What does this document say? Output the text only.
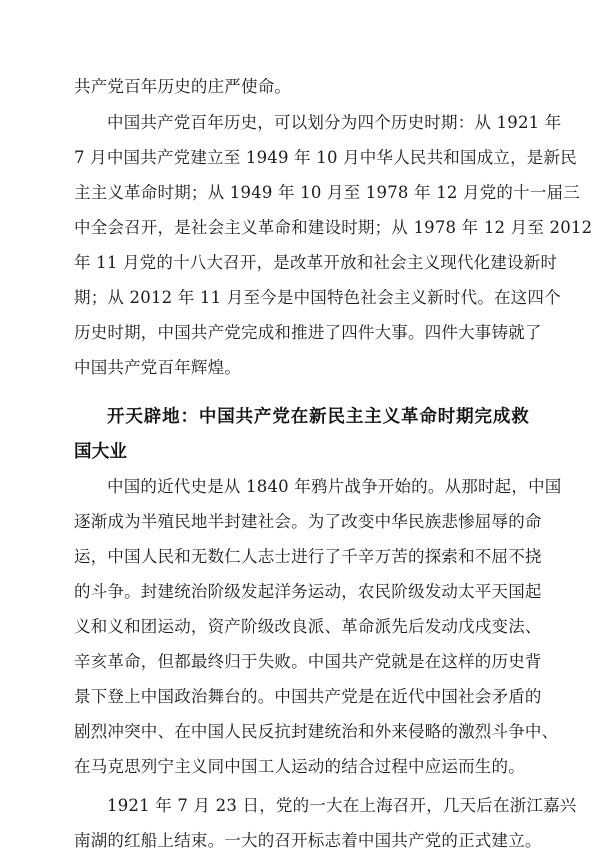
共产党百年历史的庄严使命。
中国共产党百年历史，可以划分为四个历史时期：从 1921 年
7 月中国共产党建立至 1949 年 10 月中华人民共和国成立，是新民
主主义革命时期；从 1949 年 10 月至 1978 年 12 月党的十一届三
中全会召开，是社会主义革命和建设时期；从 1978 年 12 月至 2012
年 11 月党的十八大召开，是改革开放和社会主义现代化建设新时
期；从 2012 年 11 月至今是中国特色社会主义新时代。在这四个
历史时期，中国共产党完成和推进了四件大事。四件大事铸就了
中国共产党百年辉煌。
开天辟地：中国共产党在新民主主义革命时期完成救
国大业
中国的近代史是从 1840 年鸦片战争开始的。从那时起，中国
逐渐成为半殖民地半封建社会。为了改变中华民族悲惨屈辱的命
运，中国人民和无数仁人志士进行了千辛万苦的探索和不屈不挠
的斗争。封建统治阶级发起洋务运动，农民阶级发动太平天国起
义和义和团运动，资产阶级改良派、革命派先后发动戊戌变法、
辛亥革命，但都最终归于失败。中国共产党就是在这样的历史背
景下登上中国政治舞台的。中国共产党是在近代中国社会矛盾的
剧烈冲突中、在中国人民反抗封建统治和外来侵略的激烈斗争中、
在马克思列宁主义同中国工人运动的结合过程中应运而生的。
1921 年 7 月 23 日，党的一大在上海召开，几天后在浙江嘉兴
南湖的红船上结束。一大的召开标志着中国共产党的正式建立。
